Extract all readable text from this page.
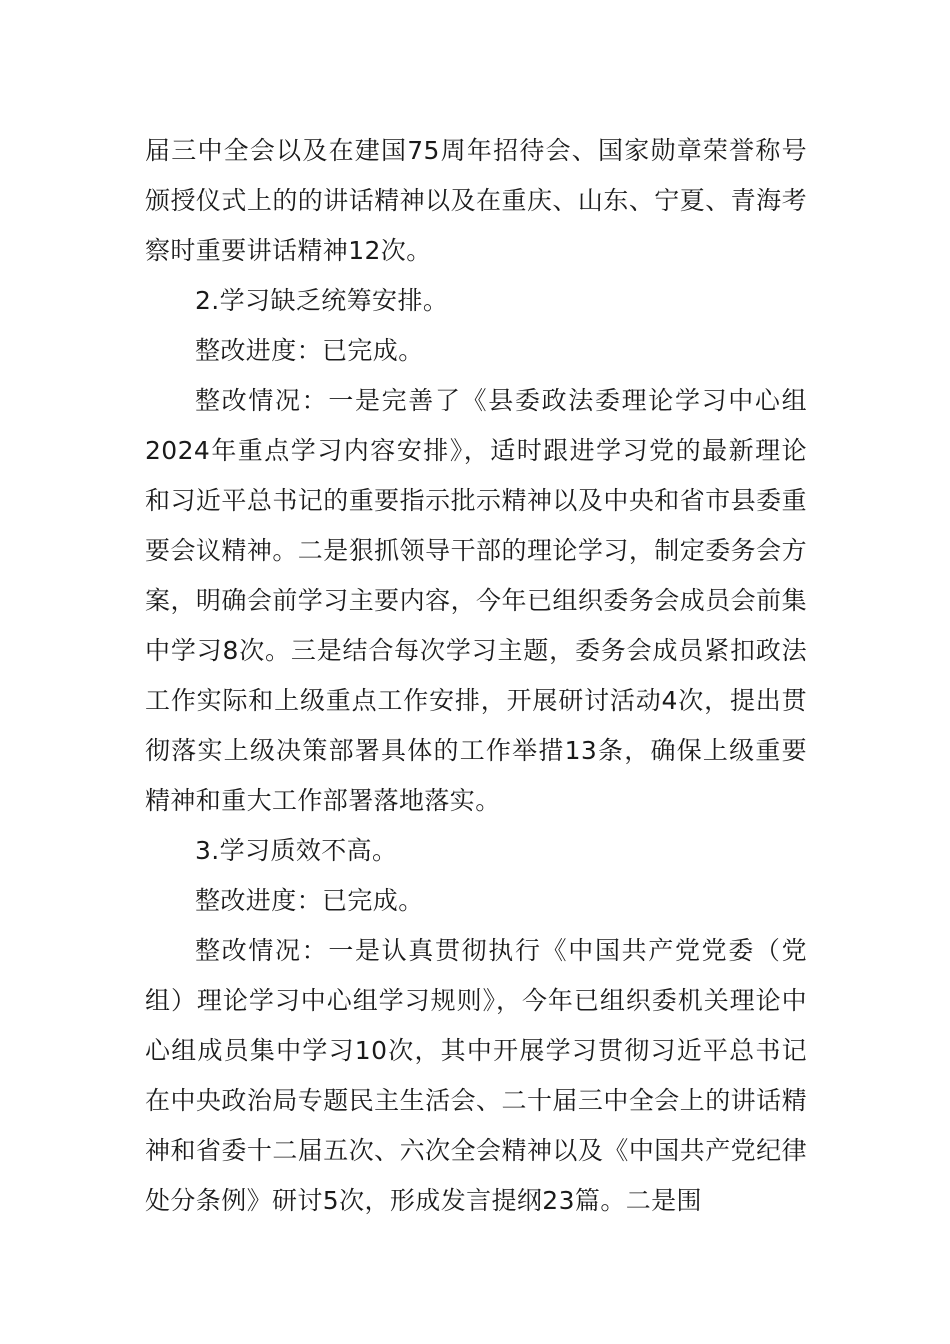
届三中全会以及在建国75周年招待会、国家勋章荣誉称号颁授仪式上的的讲话精神以及在重庆、山东、宁夏、青海考察时重要讲话精神12次。

2.学习缺乏统筹安排。

整改进度：已完成。

整改情况：一是完善了《县委政法委理论学习中心组2024年重点学习内容安排》，适时跟进学习党的最新理论和习近平总书记的重要指示批示精神以及中央和省市县委重要会议精神。二是狠抓领导干部的理论学习，制定委务会方案，明确会前学习主要内容，今年已组织委务会成员会前集中学习8次。三是结合每次学习主题，委务会成员紧扣政法工作实际和上级重点工作安排，开展研讨活动4次，提出贯彻落实上级决策部署具体的工作举措13条，确保上级重要精神和重大工作部署落地落实。

3.学习质效不高。

整改进度：已完成。

整改情况：一是认真贯彻执行《中国共产党党委（党组）理论学习中心组学习规则》，今年已组织委机关理论中心组成员集中学习10次，其中开展学习贯彻习近平总书记在中央政治局专题民主生活会、二十届三中全会上的讲话精神和省委十二届五次、六次全会精神以及《中国共产党纪律处分条例》研讨5次，形成发言提纲23篇。二是围
